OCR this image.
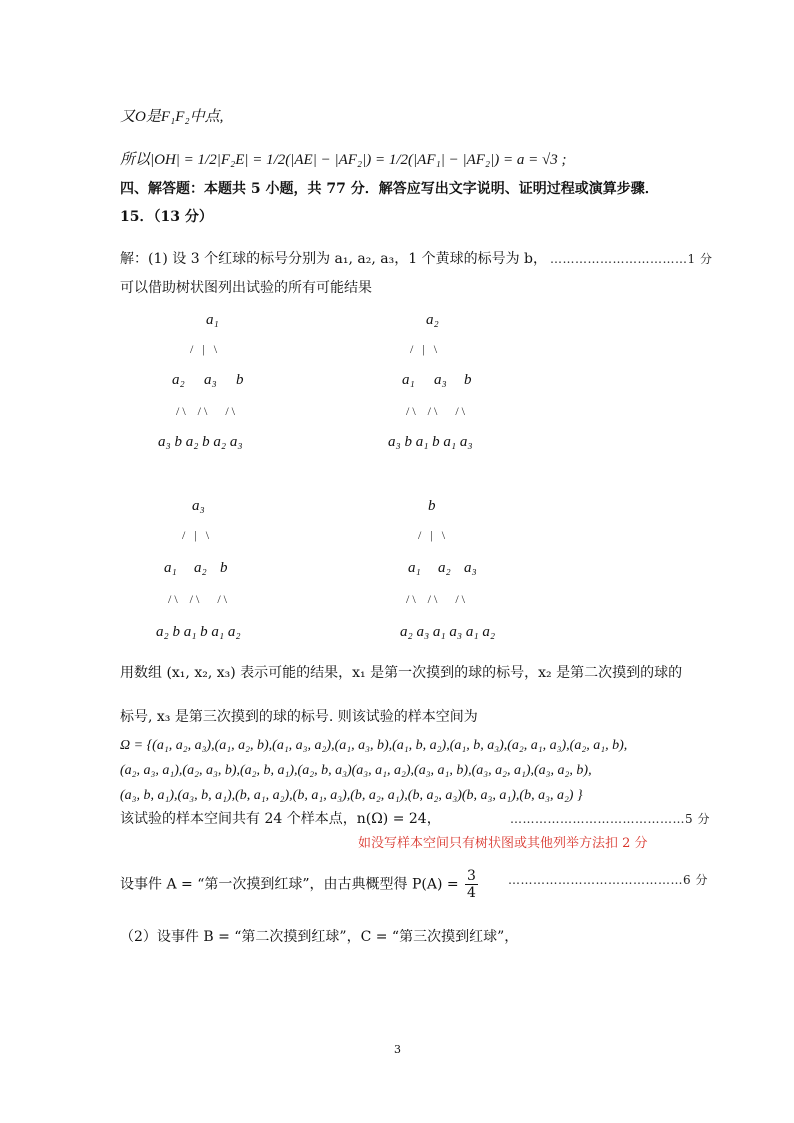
又O是F₁F₂中点,
所以|OH| = 1/2|F₂E| = 1/2(|AE| − |AF₂|) = 1/2(|AF₁| − |AF₂|) = a = √3 ;
四、解答题：本题共 5 小题，共 77 分．解答应写出文字说明、证明过程或演算步骤．
15．（13 分）
解：(1) 设 3 个红球的标号分别为 a₁, a₂, a₃，1 个黄球的标号为 b， ……………………………1 分
可以借助树状图列出试验的所有可能结果
a₁
/   |   \
a₂ a₃ b
/ \    / \      / \
a₃ b a₂ b a₂ a₃
a₂
/   |   \
a₁ a₃ b
/ \    / \      / \
a₃ b a₁ b a₁ a₃
a₃
/   |   \
a₁ a₂ b
/ \    / \      / \
a₂ b a₁ b a₁ a₂
b
/   |   \
a₁ a₂ a₃
/ \    / \      / \
a₂ a₃ a₁ a₃ a₁ a₂
用数组 (x₁, x₂, x₃) 表示可能的结果，x₁ 是第一次摸到的球的标号，x₂ 是第二次摸到的球的
标号, x₃ 是第三次摸到的球的标号. 则该试验的样本空间为
Ω = {(a₁, a₂, a₃),(a₁, a₂, b),(a₁, a₃, a₂),(a₁, a₃, b),(a₁, b, a₂),(a₁, b, a₃),(a₂, a₁, a₃),(a₂, a₁, b),
(a₂, a₃, a₁),(a₂, a₃, b),(a₂, b, a₁),(a₂, b, a₃)(a₃, a₁, a₂),(a₃, a₁, b),(a₃, a₂, a₁),(a₃, a₂, b),
(a₃, b, a₁),(a₃, b, a₁),(b, a₁, a₂),(b, a₁, a₃),(b, a₂, a₁),(b, a₂, a₃)(b, a₃, a₁),(b, a₃, a₂) }
该试验的样本空间共有 24 个样本点，n(Ω) = 24，	……………………………………5 分
如没写样本空间只有树状图或其他列举方法扣 2 分
设事件 A = “第一次摸到红球”，由古典概型得 $P(A) = \frac{3}{4}$	……………………………………6 分
（2）设事件 B = “第二次摸到红球”，C = “第三次摸到红球”，
3
